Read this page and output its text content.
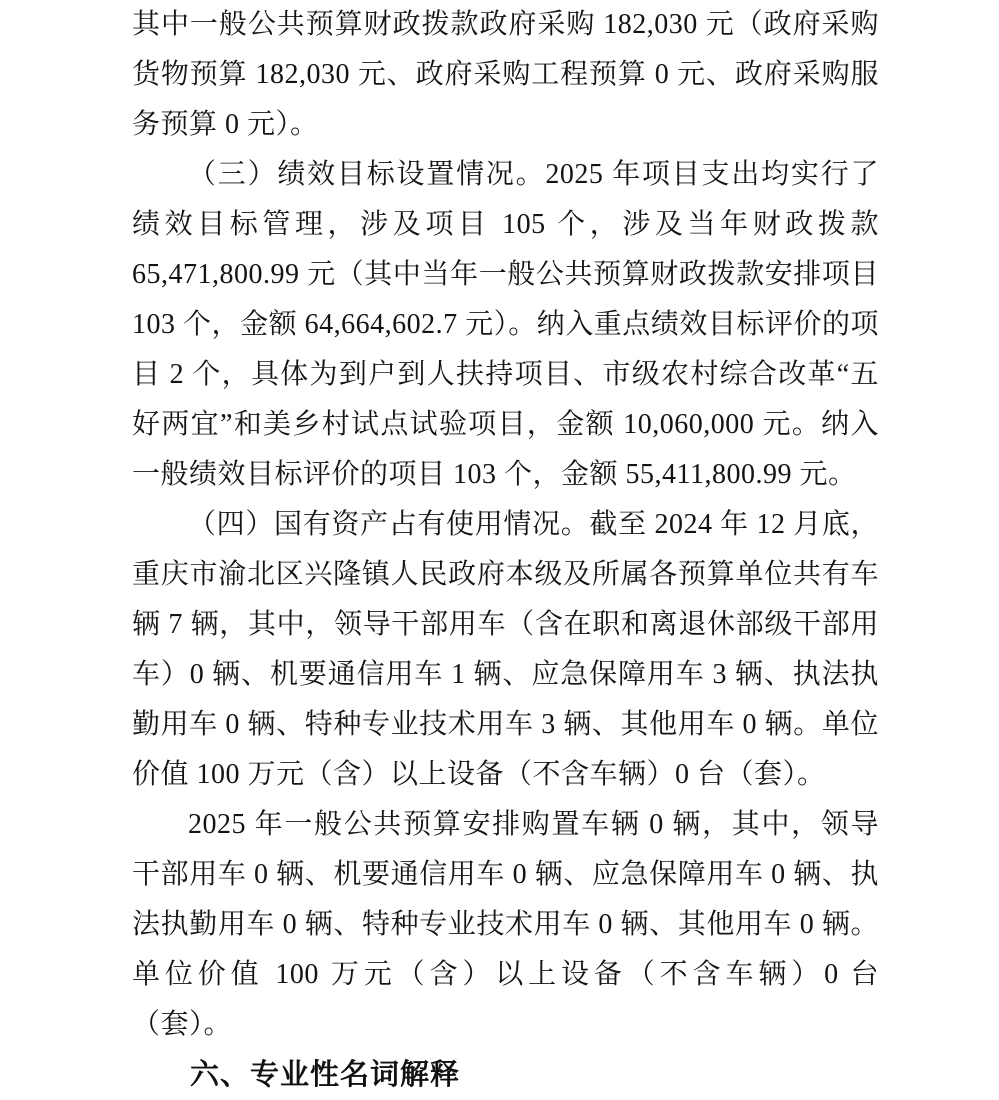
其中一般公共预算财政拨款政府采购 182,030 元（政府采购货物预算 182,030 元、政府采购工程预算 0 元、政府采购服务预算 0 元）。

（三）绩效目标设置情况。2025 年项目支出均实行了绩效目标管理，涉及项目 105 个，涉及当年财政拨款 65,471,800.99 元（其中当年一般公共预算财政拨款安排项目 103 个，金额 64,664,602.7 元）。纳入重点绩效目标评价的项目 2 个，具体为到户到人扶持项目、市级农村综合改革“五好两宜”和美乡村试点试验项目，金额 10,060,000 元。纳入一般绩效目标评价的项目 103 个，金额 55,411,800.99 元。

（四）国有资产占有使用情况。截至 2024 年 12 月底，重庆市渝北区兴隆镇人民政府本级及所属各预算单位共有车辆 7 辆，其中，领导干部用车（含在职和离退休部级干部用车）0 辆、机要通信用车 1 辆、应急保障用车 3 辆、执法执勤用车 0 辆、特种专业技术用车 3 辆、其他用车 0 辆。单位价值 100 万元（含）以上设备（不含车辆）0 台（套）。

2025 年一般公共预算安排购置车辆 0 辆，其中，领导干部用车 0 辆、机要通信用车 0 辆、应急保障用车 0 辆、执法执勤用车 0 辆、特种专业技术用车 0 辆、其他用车 0 辆。单位价值 100 万元（含）以上设备（不含车辆）0 台（套）。

六、专业性名词解释
